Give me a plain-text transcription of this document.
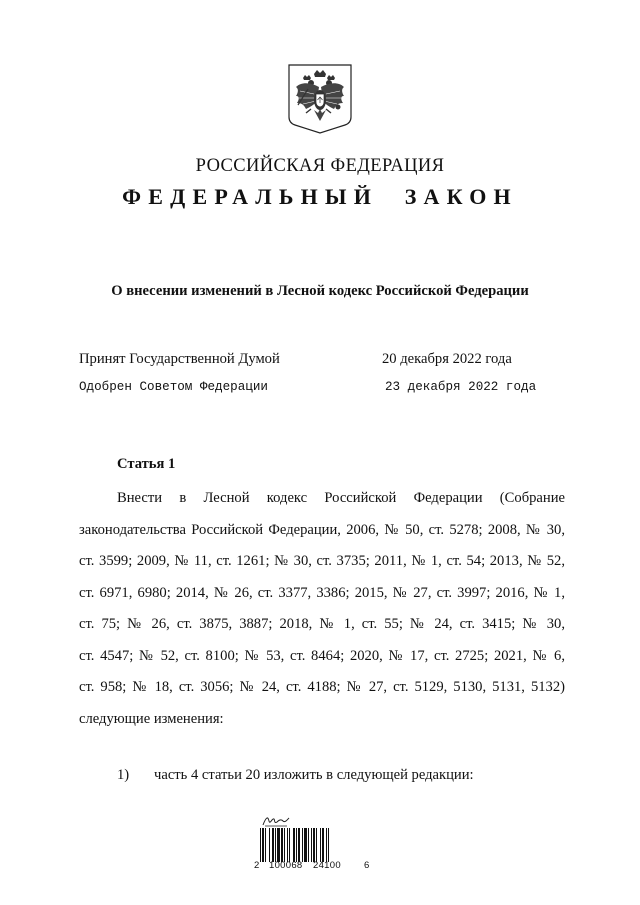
РОССИЙСКАЯ ФЕДЕРАЦИЯ
ФЕДЕРАЛЬНЫЙ ЗАКОН
О внесении изменений в Лесной кодекс Российской Федерации
Принят Государственной Думой	20 декабря 2022 года
Одобрен Советом Федерации	23 декабря 2022 года
Статья 1
Внести в Лесной кодекс Российской Федерации (Собрание
законодательства Российской Федерации, 2006, № 50, ст. 5278; 2008, № 30,
ст. 3599; 2009, № 11, ст. 1261; № 30, ст. 3735; 2011, № 1, ст. 54; 2013, № 52,
ст. 6971, 6980; 2014, № 26, ст. 3377, 3386; 2015, № 27, ст. 3997; 2016, № 1,
ст. 75; № 26, ст. 3875, 3887; 2018, № 1, ст. 55; № 24, ст. 3415; № 30,
ст. 4547; № 52, ст. 8100; № 53, ст. 8464; 2020, № 17, ст. 2725; 2021, № 6,
ст. 958; № 18, ст. 3056; № 24, ст. 4188; № 27, ст. 5129, 5130, 5131, 5132)
следующие изменения:
1) часть 4 статьи 20 изложить в следующей редакции:
2 100068 24100 6
